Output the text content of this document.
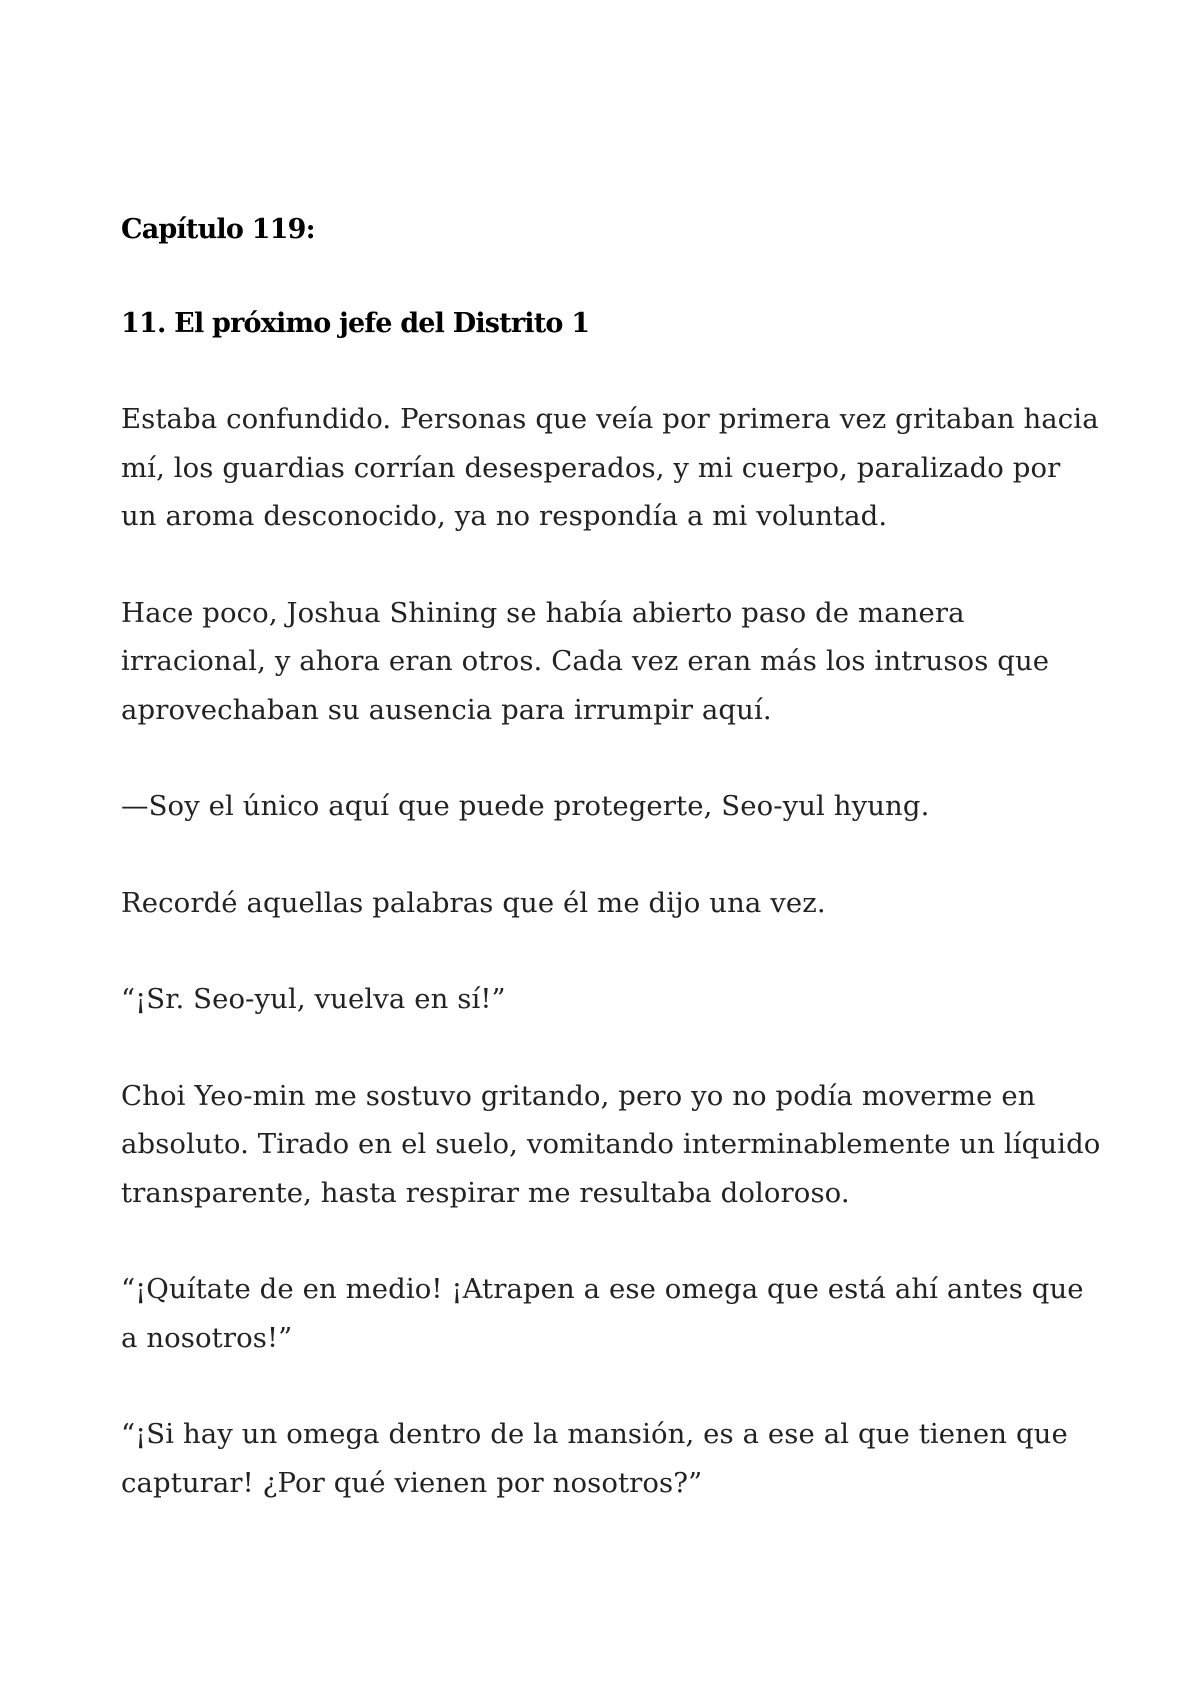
Capítulo 119:
11. El próximo jefe del Distrito 1

Estaba confundido. Personas que veía por primera vez gritaban hacia mí, los guardias corrían desesperados, y mi cuerpo, paralizado por un aroma desconocido, ya no respondía a mi voluntad.

Hace poco, Joshua Shining se había abierto paso de manera irracional, y ahora eran otros. Cada vez eran más los intrusos que aprovechaban su ausencia para irrumpir aquí.

—Soy el único aquí que puede protegerte, Seo-yul hyung.

Recordé aquellas palabras que él me dijo una vez.

“¡Sr. Seo-yul, vuelva en sí!”

Choi Yeo-min me sostuvo gritando, pero yo no podía moverme en absoluto. Tirado en el suelo, vomitando interminablemente un líquido transparente, hasta respirar me resultaba doloroso.

“¡Quítate de en medio! ¡Atrapen a ese omega que está ahí antes que a nosotros!”

“¡Si hay un omega dentro de la mansión, es a ese al que tienen que capturar! ¿Por qué vienen por nosotros?”
